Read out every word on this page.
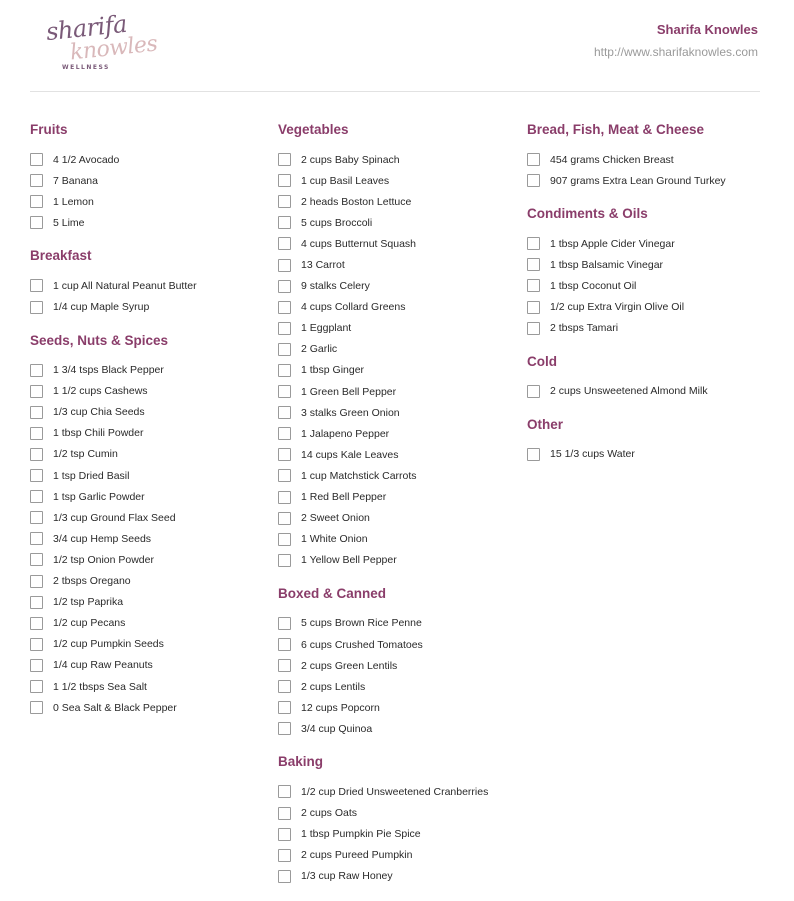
sharifa
knowles
WELLNESS
Sharifa Knowles
http://www.sharifaknowles.com
Fruits
4 1/2 Avocado
7 Banana
1 Lemon
5 Lime
Breakfast
1 cup All Natural Peanut Butter
1/4 cup Maple Syrup
Seeds, Nuts & Spices
1 3/4 tsps Black Pepper
1 1/2 cups Cashews
1/3 cup Chia Seeds
1 tbsp Chili Powder
1/2 tsp Cumin
1 tsp Dried Basil
1 tsp Garlic Powder
1/3 cup Ground Flax Seed
3/4 cup Hemp Seeds
1/2 tsp Onion Powder
2 tbsps Oregano
1/2 tsp Paprika
1/2 cup Pecans
1/2 cup Pumpkin Seeds
1/4 cup Raw Peanuts
1 1/2 tbsps Sea Salt
0 Sea Salt & Black Pepper
Vegetables
2 cups Baby Spinach
1 cup Basil Leaves
2 heads Boston Lettuce
5 cups Broccoli
4 cups Butternut Squash
13 Carrot
9 stalks Celery
4 cups Collard Greens
1 Eggplant
2 Garlic
1 tbsp Ginger
1 Green Bell Pepper
3 stalks Green Onion
1 Jalapeno Pepper
14 cups Kale Leaves
1 cup Matchstick Carrots
1 Red Bell Pepper
2 Sweet Onion
1 White Onion
1 Yellow Bell Pepper
Boxed & Canned
5 cups Brown Rice Penne
6 cups Crushed Tomatoes
2 cups Green Lentils
2 cups Lentils
12 cups Popcorn
3/4 cup Quinoa
Baking
1/2 cup Dried Unsweetened Cranberries
2 cups Oats
1 tbsp Pumpkin Pie Spice
2 cups Pureed Pumpkin
1/3 cup Raw Honey
Bread, Fish, Meat & Cheese
454 grams Chicken Breast
907 grams Extra Lean Ground Turkey
Condiments & Oils
1 tbsp Apple Cider Vinegar
1 tbsp Balsamic Vinegar
1 tbsp Coconut Oil
1/2 cup Extra Virgin Olive Oil
2 tbsps Tamari
Cold
2 cups Unsweetened Almond Milk
Other
15 1/3 cups Water
